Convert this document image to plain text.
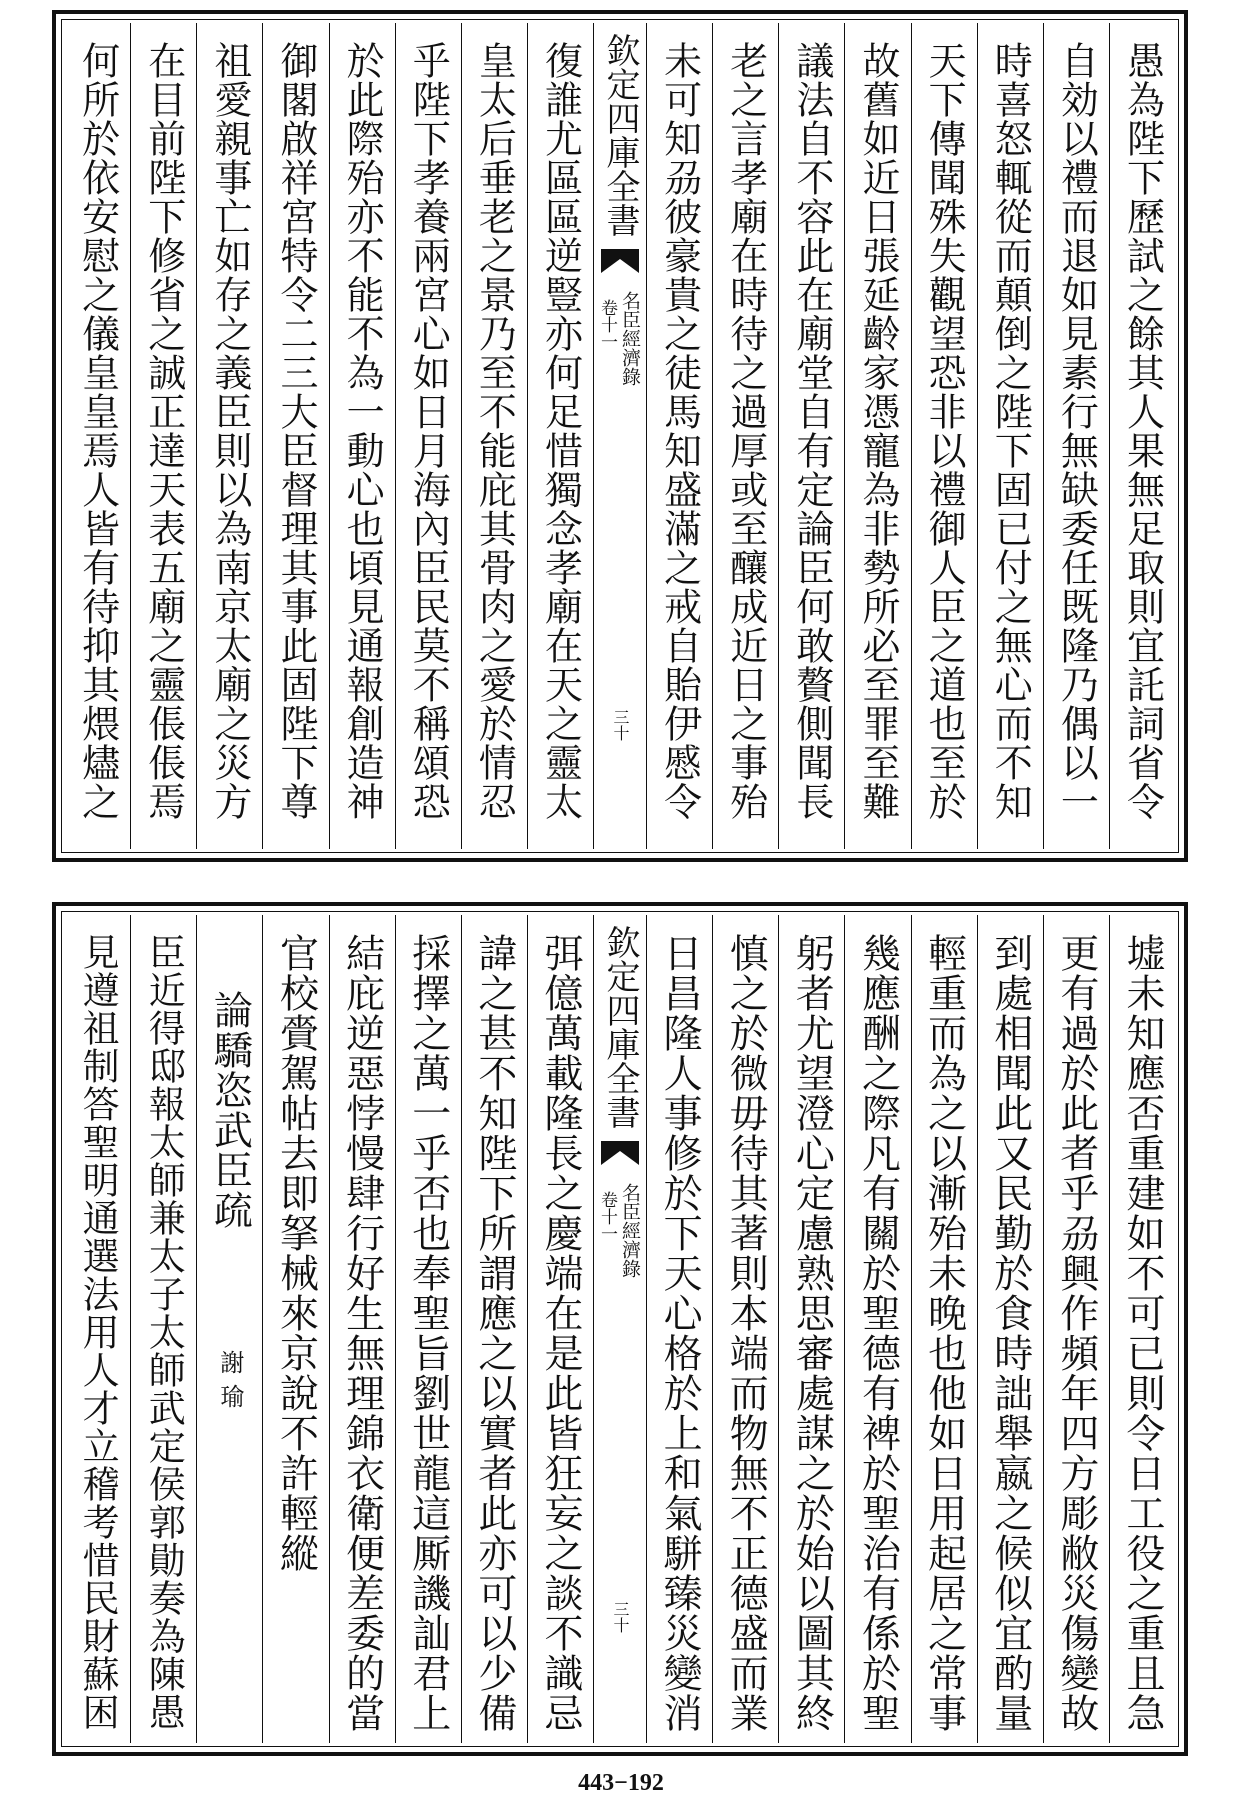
愚為陛下歷試之餘其人果無足取則宜託詞省令
自効以禮而退如見素行無缺委任既隆乃偶以一
時喜怒輒從而顛倒之陛下固已付之無心而不知
天下傳聞殊失觀望恐非以禮御人臣之道也至於
故舊如近日張延齡家憑寵為非勢所必至罪至難
議法自不容此在廟堂自有定論臣何敢贅側聞長
老之言孝廟在時待之過厚或至釀成近日之事殆
未可知刕彼豪貴之徒馬知盛滿之戒自貽伊慼令
欽定四庫全書
名臣經濟錄
卷十一
三十
復誰尤區區逆豎亦何足惜獨念孝廟在天之靈太
皇太后垂老之景乃至不能庇其骨肉之愛於情忍
乎陛下孝養兩宮心如日月海內臣民莫不稱頌恐
於此際殆亦不能不為一動心也頃見通報創造神
御閣啟祥宮特令二三大臣督理其事此固陛下尊
祖愛親事亡如存之義臣則以為南京太廟之災方
在目前陛下修省之誠正達天表五廟之靈倀倀焉
何所於依安慰之儀皇皇焉人皆有待抑其煨燼之
墟未知應否重建如不可已則令日工役之重且急
更有過於此者乎刕興作頻年四方彫敝災傷變故
到處相聞此又民勤於食時詘舉嬴之候似宜酌量
輕重而為之以漸殆未晚也他如日用起居之常事
幾應酬之際凡有關於聖德有裨於聖治有係於聖
躬者尤望澄心定慮熟思審處謀之於始以圖其終
慎之於微毋待其著則本端而物無不正德盛而業
日昌隆人事修於下天心格於上和氣駢臻災變消
欽定四庫全書
名臣經濟錄
卷十一
三十
弭億萬載隆長之慶端在是此皆狂妄之談不識忌
諱之甚不知陛下所謂應之以實者此亦可以少備
採擇之萬一乎否也奉聖旨劉世龍這厮譏訕君上
結庇逆惡悖慢肆行好生無理錦衣衛便差委的當
官校賫駕帖去即拏械來京說不許輕縱
論驕恣武臣疏
謝瑜
臣近得邸報太師兼太子太師武定侯郭勛奏為陳愚
見遵祖制答聖明通選法用人才立稽考惜民財蘇困
443−192
